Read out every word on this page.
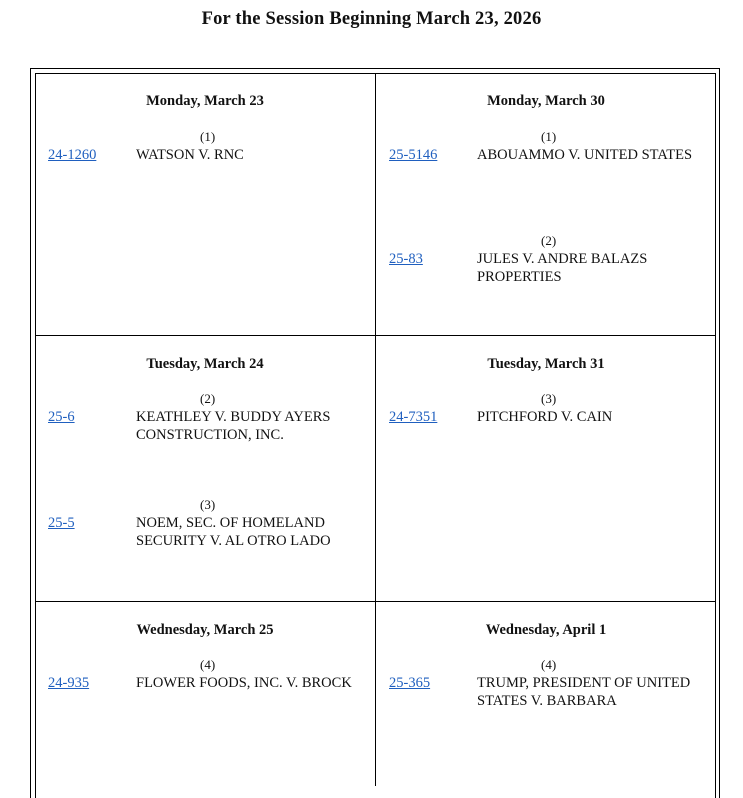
For the Session Beginning March 23, 2026
Monday, March 23
(1)
24-1260	WATSON V. RNC
Monday, March 30
(1)
25-5146	ABOUAMMO V. UNITED STATES
(2)
25-83	JULES V. ANDRE BALAZS PROPERTIES
Tuesday, March 24
(2)
25-6	KEATHLEY V. BUDDY AYERS CONSTRUCTION, INC.
(3)
25-5	NOEM, SEC. OF HOMELAND SECURITY V. AL OTRO LADO
Tuesday, March 31
(3)
24-7351	PITCHFORD V. CAIN
Wednesday, March 25
(4)
24-935	FLOWER FOODS, INC. V. BROCK
Wednesday, April 1
(4)
25-365	TRUMP, PRESIDENT OF UNITED STATES V. BARBARA
